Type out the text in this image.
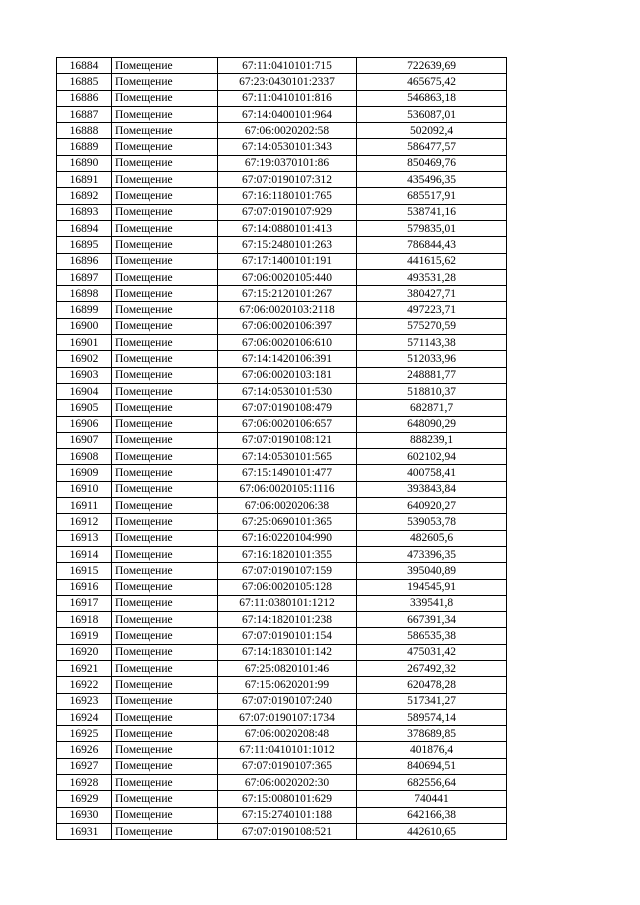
16884	Помещение	67:11:0410101:715	722639,69
16885	Помещение	67:23:0430101:2337	465675,42
16886	Помещение	67:11:0410101:816	546863,18
16887	Помещение	67:14:0400101:964	536087,01
16888	Помещение	67:06:0020202:58	502092,4
16889	Помещение	67:14:0530101:343	586477,57
16890	Помещение	67:19:0370101:86	850469,76
16891	Помещение	67:07:0190107:312	435496,35
16892	Помещение	67:16:1180101:765	685517,91
16893	Помещение	67:07:0190107:929	538741,16
16894	Помещение	67:14:0880101:413	579835,01
16895	Помещение	67:15:2480101:263	786844,43
16896	Помещение	67:17:1400101:191	441615,62
16897	Помещение	67:06:0020105:440	493531,28
16898	Помещение	67:15:2120101:267	380427,71
16899	Помещение	67:06:0020103:2118	497223,71
16900	Помещение	67:06:0020106:397	575270,59
16901	Помещение	67:06:0020106:610	571143,38
16902	Помещение	67:14:1420106:391	512033,96
16903	Помещение	67:06:0020103:181	248881,77
16904	Помещение	67:14:0530101:530	518810,37
16905	Помещение	67:07:0190108:479	682871,7
16906	Помещение	67:06:0020106:657	648090,29
16907	Помещение	67:07:0190108:121	888239,1
16908	Помещение	67:14:0530101:565	602102,94
16909	Помещение	67:15:1490101:477	400758,41
16910	Помещение	67:06:0020105:1116	393843,84
16911	Помещение	67:06:0020206:38	640920,27
16912	Помещение	67:25:0690101:365	539053,78
16913	Помещение	67:16:0220104:990	482605,6
16914	Помещение	67:16:1820101:355	473396,35
16915	Помещение	67:07:0190107:159	395040,89
16916	Помещение	67:06:0020105:128	194545,91
16917	Помещение	67:11:0380101:1212	339541,8
16918	Помещение	67:14:1820101:238	667391,34
16919	Помещение	67:07:0190101:154	586535,38
16920	Помещение	67:14:1830101:142	475031,42
16921	Помещение	67:25:0820101:46	267492,32
16922	Помещение	67:15:0620201:99	620478,28
16923	Помещение	67:07:0190107:240	517341,27
16924	Помещение	67:07:0190107:1734	589574,14
16925	Помещение	67:06:0020208:48	378689,85
16926	Помещение	67:11:0410101:1012	401876,4
16927	Помещение	67:07:0190107:365	840694,51
16928	Помещение	67:06:0020202:30	682556,64
16929	Помещение	67:15:0080101:629	740441
16930	Помещение	67:15:2740101:188	642166,38
16931	Помещение	67:07:0190108:521	442610,65
